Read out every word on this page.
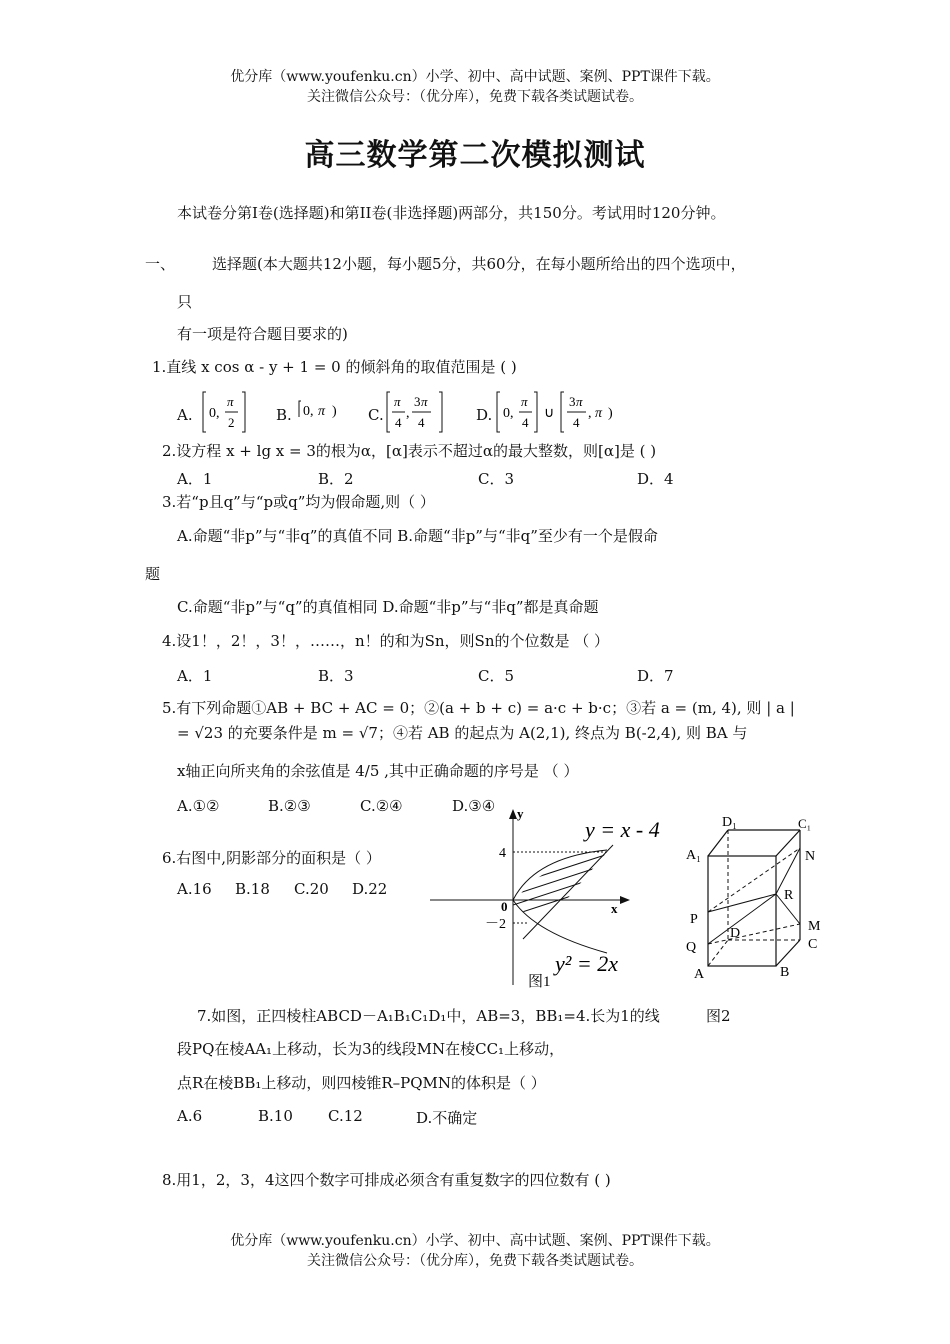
优分库（www.youfenku.cn）小学、初中、高中试题、案例、PPT课件下载。
关注微信公众号：（优分库），免费下载各类试题试卷。
高三数学第二次模拟测试
本试卷分第I卷(选择题)和第II卷(非选择题)两部分，共150分。考试用时120分钟。
一、 选择题(本大题共12小题，每小题5分，共60分，在每小题所给出的四个选项中，
只
有一项是符合题目要求的)
1.直线 x cos α - y + 1 = 0 的倾斜角的取值范围是 ( )
A. 0,
π
2	B. 0, π ) C.
π
4
,
3 π
4	D. 0,
π
4
∪
3 π
4
, π )
2.设方程 x + lg x = 3的根为α，[α]表示不超过α的最大整数，则[α]是 ( )
A．1	B．2	C．3	D．4
3.若“p且q”与“p或q”均为假命题,则（ ）
A.命题“非p”与“非q”的真值不同 B.命题“非p”与“非q”至少有一个是假命
题
C.命题“非p”与“q”的真值相同 D.命题“非p”与“非q”都是真命题
4.设1！，2！，3！，……，n！的和为Sn，则Sn的个位数是 （ ）
A．1	B．3	C．5	D．7
5.有下列命题①AB + BC + AC = 0；②(a + b + c) = a·c + b·c；③若 a = (m, 4), 则 | a |
= √23 的充要条件是 m = √7；④若 AB 的起点为 A(2,1), 终点为 B(-2,4), 则 BA 与
x轴正向所夹角的余弦值是 4/5 ,其中正确命题的序号是 （ ）
A.①②	B.②③	C.②④	D.③④
6.右图中,阴影部分的面积是（ ）
A.16 B.18 C.20 D.22
y
x
0
4
－2
y = x - 4
y² = 2x
图1
D₁	C₁
A₁	N
R
P	M
Q
D
C
A	B
7.如图，正四棱柱ABCD－A₁B₁C₁D₁中，AB=3，BB₁=4.长为1的线	图2
段PQ在棱AA₁上移动，长为3的线段MN在棱CC₁上移动，
点R在棱BB₁上移动，则四棱锥R–PQMN的体积是（ ）
A.6	B.10 C.12	D.不确定
8.用1，2，3，4这四个数字可排成必须含有重复数字的四位数有 ( )
优分库（www.youfenku.cn）小学、初中、高中试题、案例、PPT课件下载。
关注微信公众号：（优分库），免费下载各类试题试卷。
